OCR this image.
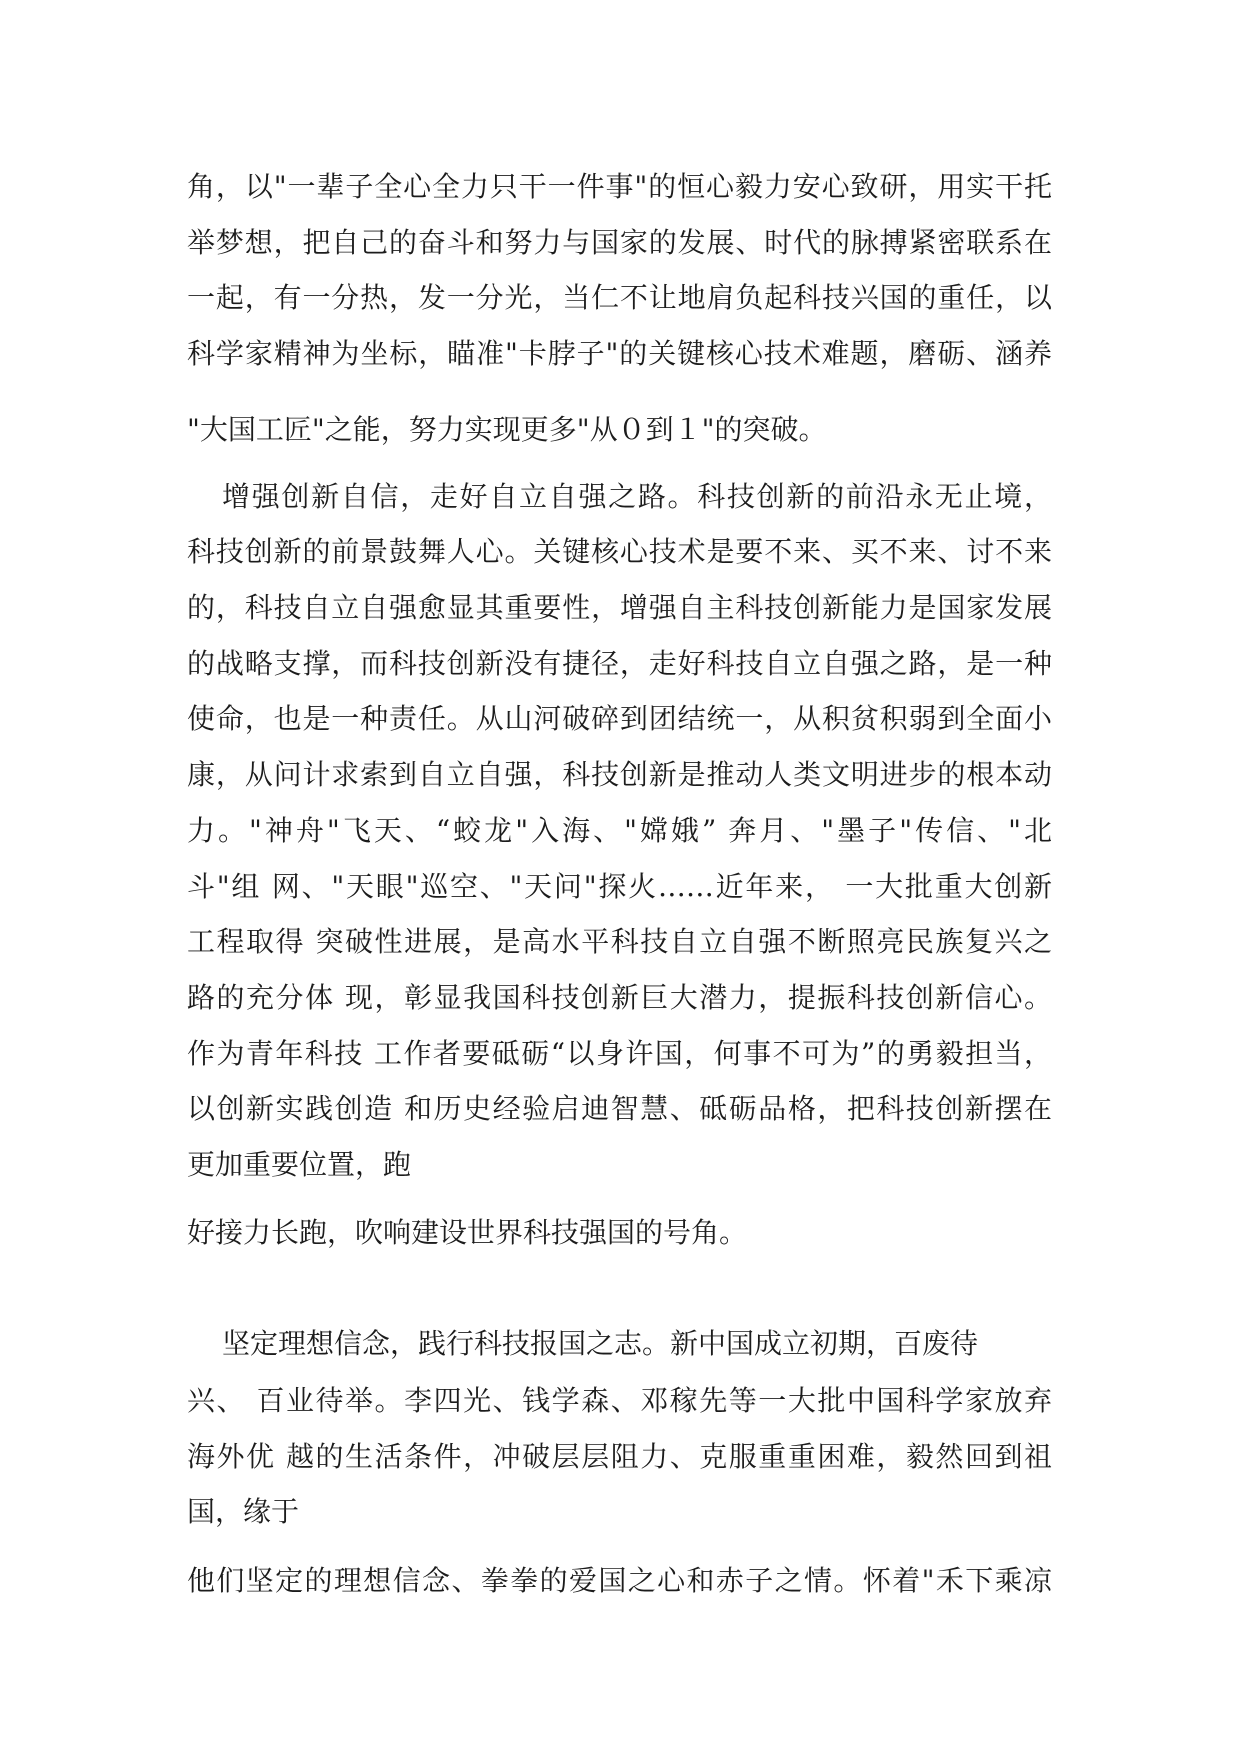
角，以"一辈子全心全力只干一件事"的恒心毅力安心致研，用实干托

举梦想，把自己的奋斗和努力与国家的发展、时代的脉搏紧密联系在

一起，有一分热，发一分光，当仁不让地肩负起科技兴国的重任，以

科学家精神为坐标，瞄准"卡脖子"的关键核心技术难题，磨砺、涵养

"大国工匠"之能，努力实现更多"从０到１"的突破。

增强创新自信，走好自立自强之路。科技创新的前沿永无止境，

科技创新的前景鼓舞人心。关键核心技术是要不来、买不来、讨不来

的，科技自立自强愈显其重要性，增强自主科技创新能力是国家发展

的战略支撑，而科技创新没有捷径，走好科技自立自强之路，是一种

使命，也是一种责任。从山河破碎到团结统一，从积贫积弱到全面小

康，从问计求索到自立自强，科技创新是推动人类文明进步的根本动

力。"神舟"飞天、“蛟龙"入海、"嫦娥” 奔月、"墨子"传信、"北

斗"组 网、"天眼"巡空、"天问"探火……近年来， 一大批重大创新

工程取得 突破性进展，是高水平科技自立自强不断照亮民族复兴之

路的充分体 现，彰显我国科技创新巨大潜力，提振科技创新信心。

作为青年科技 工作者要砥砺“以身许国，何事不可为”的勇毅担当，

以创新实践创造 和历史经验启迪智慧、砥砺品格，把科技创新摆在

更加重要位置，跑

好接力长跑，吹响建设世界科技强国的号角。

坚定理想信念，践行科技报国之志。新中国成立初期，百废待

兴、 百业待举。李四光、钱学森、邓稼先等一大批中国科学家放弃

海外优 越的生活条件，冲破层层阻力、克服重重困难，毅然回到祖

国，缘于

他们坚定的理想信念、拳拳的爱国之心和赤子之情。怀着"禾下乘凉
